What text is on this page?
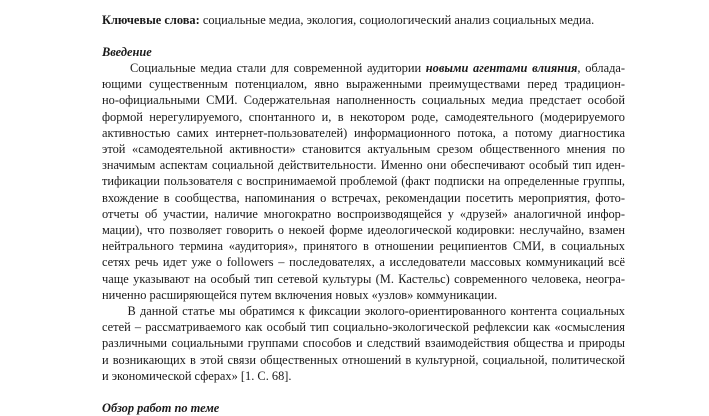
Ключевые слова: социальные медиа, экология, социологический анализ социальных медиа.

Введение
Социальные медиа стали для современной аудитории новыми агентами влияния, облада-
ющими существенным потенциалом, явно выраженными преимуществами перед традицион-
но-официальными СМИ. Содержательная наполненность социальных медиа предстает особой
формой нерегулируемого, спонтанного и, в некотором роде, самодеятельного (модерируемого
активностью самих интернет-пользователей) информационного потока, а потому диагностика
этой «самодеятельной активности» становится актуальным срезом общественного мнения по
значимым аспектам социальной действительности. Именно они обеспечивают особый тип иден-
тификации пользователя с воспринимаемой проблемой (факт подписки на определенные группы,
вхождение в сообщества, напоминания о встречах, рекомендации посетить мероприятия, фото-
отчеты об участии, наличие многократно воспроизводящейся у «друзей» аналогичной инфор-
мации), что позволяет говорить о некоей форме идеологической кодировки: неслучайно, взамен
нейтрального термина «аудитория», принятого в отношении реципиентов СМИ, в социальных
сетях речь идет уже о followers – последователях, а исследователи массовых коммуникаций всё
чаще указывают на особый тип сетевой культуры (М. Кастельс) современного человека, неогра-
ниченно расширяющейся путем включения новых «узлов» коммуникации.
В данной статье мы обратимся к фиксации эколого-ориентированного контента социальных
сетей – рассматриваемого как особый тип социально-экологической рефлексии как «осмысления
различными социальными группами способов и следствий взаимодействия общества и природы
и возникающих в этой связи общественных отношений в культурной, социальной, политической
и экономической сферах» [1. С. 68].
Обзор работ по теме
